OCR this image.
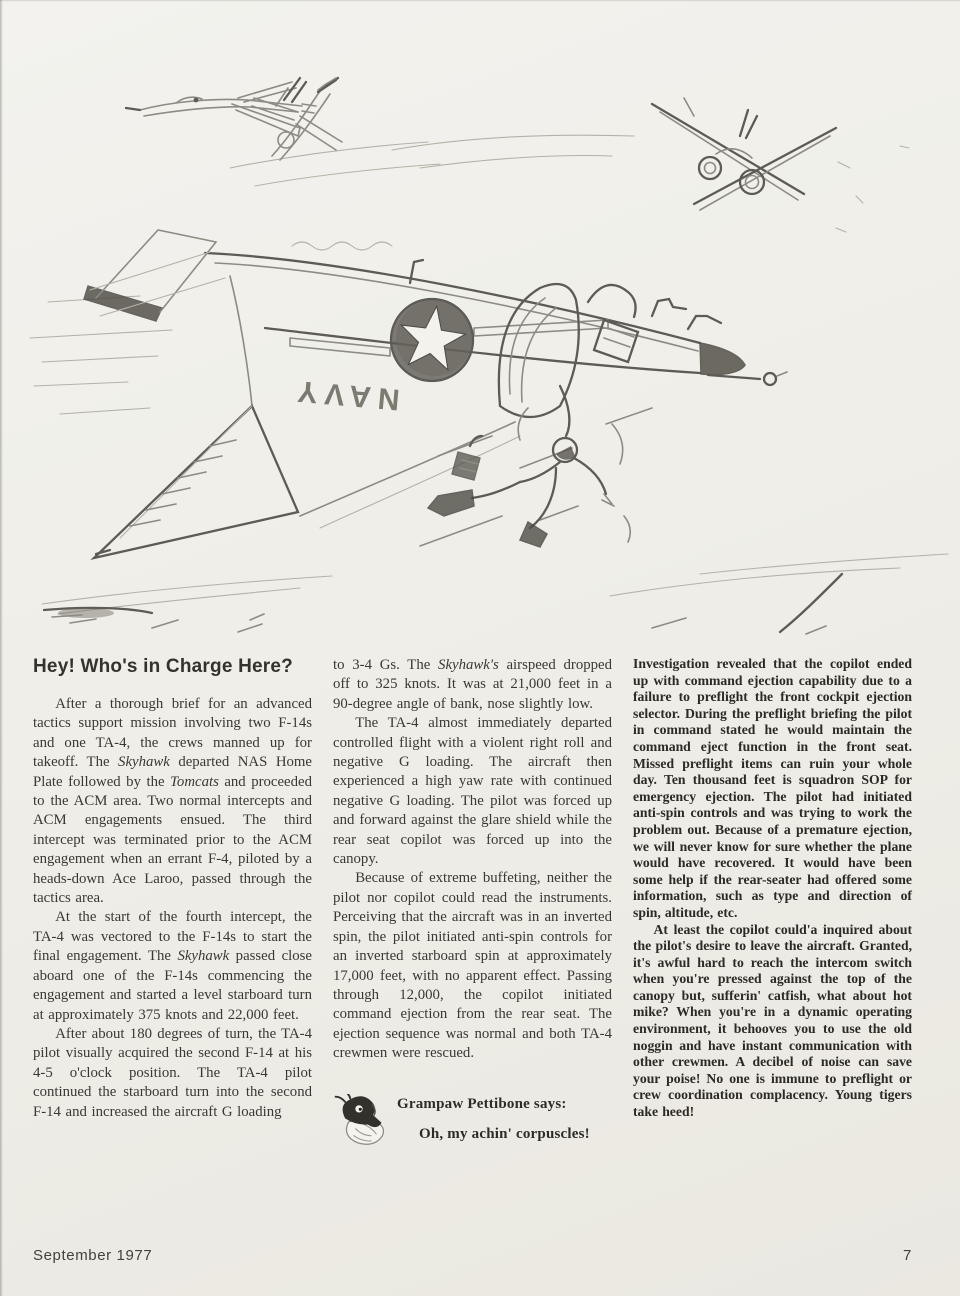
NAVY
Hey! Who's in Charge Here?

After a thorough brief for an advanced tactics support mission involving two F-14s and one TA-4, the crews manned up for takeoff. The Skyhawk departed NAS Home Plate followed by the Tomcats and proceeded to the ACM area. Two normal intercepts and ACM engagements ensued. The third intercept was terminated prior to the ACM engagement when an errant F-4, piloted by a heads-down Ace Laroo, passed through the tactics area.

At the start of the fourth intercept, the TA-4 was vectored to the F-14s to start the final engagement. The Skyhawk passed close aboard one of the F-14s commencing the engagement and started a level starboard turn at approximately 375 knots and 22,000 feet.

After about 180 degrees of turn, the TA-4 pilot visually acquired the second F-14 at his 4-5 o'clock position. The TA-4 pilot continued the starboard turn into the second F-14 and increased the aircraft G loading

to 3-4 Gs. The Skyhawk's airspeed dropped off to 325 knots. It was at 21,000 feet in a 90-degree angle of bank, nose slightly low.

The TA-4 almost immediately departed controlled flight with a violent right roll and negative G loading. The aircraft then experienced a high yaw rate with continued negative G loading. The pilot was forced up and forward against the glare shield while the rear seat copilot was forced up into the canopy.

Because of extreme buffeting, neither the pilot nor copilot could read the instruments. Perceiving that the aircraft was in an inverted spin, the pilot initiated anti-spin controls for an inverted starboard spin at approximately 17,000 feet, with no apparent effect. Passing through 12,000, the copilot initiated command ejection from the rear seat. The ejection sequence was normal and both TA-4 crewmen were rescued.

Grampaw Pettibone says:

Oh, my achin' corpuscles!

Investigation revealed that the copilot ended up with command ejection capability due to a failure to preflight the front cockpit ejection selector. During the preflight briefing the pilot in command stated he would maintain the command eject function in the front seat. Missed preflight items can ruin your whole day. Ten thousand feet is squadron SOP for emergency ejection. The pilot had initiated anti-spin controls and was trying to work the problem out. Because of a premature ejection, we will never know for sure whether the plane would have recovered. It would have been some help if the rear-seater had offered some information, such as type and direction of spin, altitude, etc.

At least the copilot could'a inquired about the pilot's desire to leave the aircraft. Granted, it's awful hard to reach the intercom switch when you're pressed against the top of the canopy but, sufferin' catfish, what about hot mike? When you're in a dynamic operating environment, it behooves you to use the old noggin and have instant communication with other crewmen. A decibel of noise can save your poise! No one is immune to preflight or crew coordination complacency. Young tigers take heed!

September 1977	7
